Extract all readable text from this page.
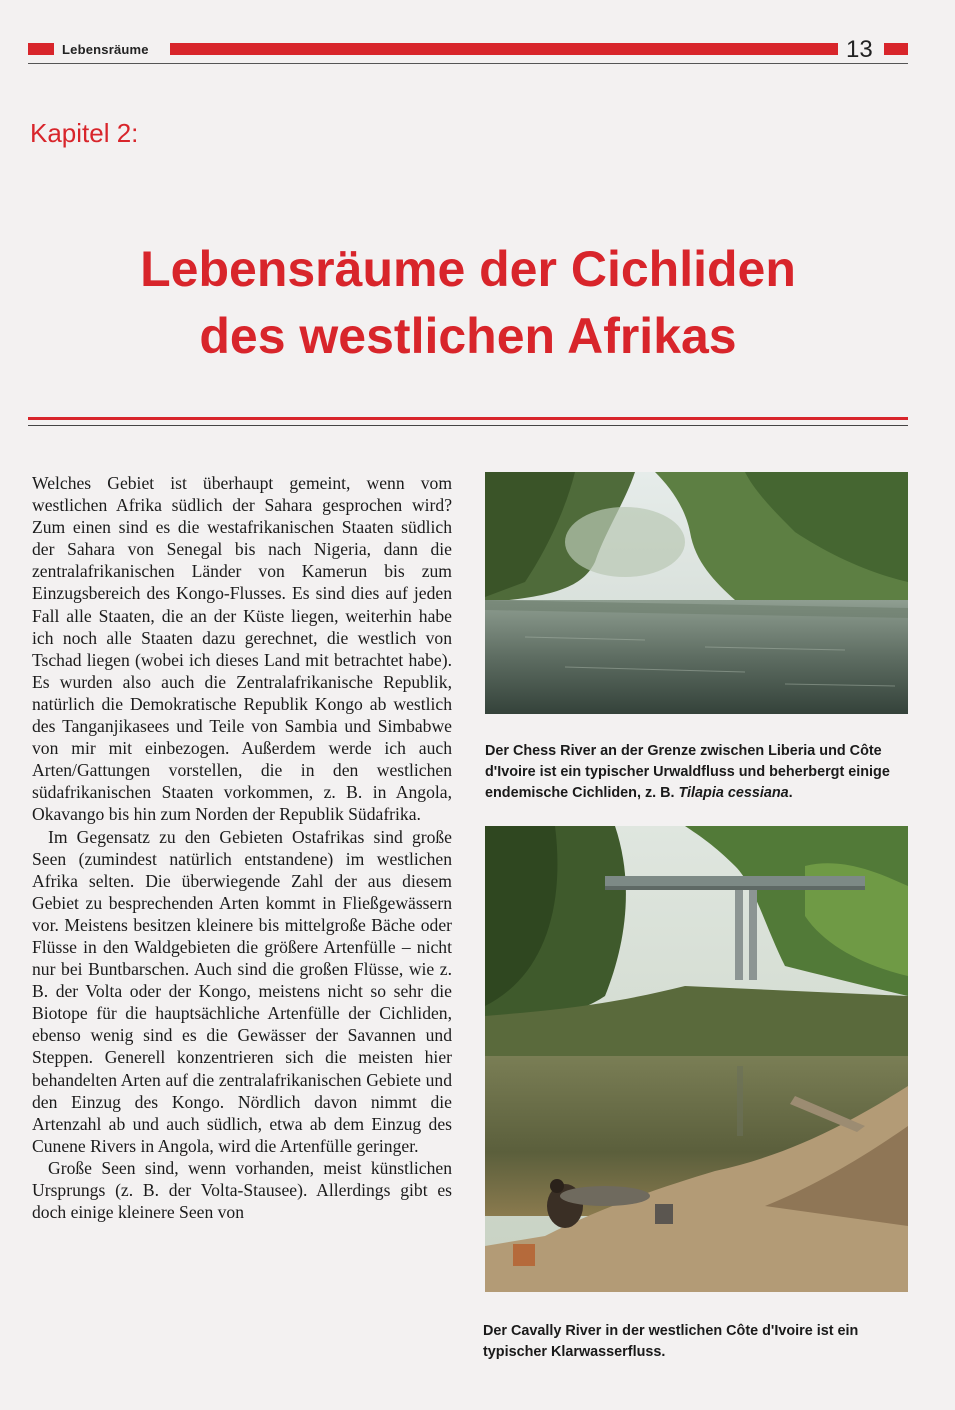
Lebensräume	13
Kapitel 2:
Lebensräume der Cichliden
des westlichen Afrikas

Welches Gebiet ist überhaupt gemeint, wenn vom westlichen Afrika südlich der Sahara gesprochen wird? Zum einen sind es die westafrikanischen Staaten südlich der Sahara von Senegal bis nach Nigeria, dann die zentralafrikanischen Länder von Kamerun bis zum Einzugsbereich des Kongo-Flusses. Es sind dies auf jeden Fall alle Staaten, die an der Küste liegen, weiterhin habe ich noch alle Staaten dazu gerechnet, die westlich von Tschad liegen (wobei ich dieses Land mit betrachtet habe). Es wurden also auch die Zentralafrikanische Republik, natürlich die Demokratische Republik Kongo ab westlich des Tanganjikasees und Teile von Sambia und Simbabwe von mir mit einbezogen. Außerdem werde ich auch Arten/Gattungen vorstellen, die in den westlichen südafrikanischen Staaten vorkommen, z. B. in Angola, Okavango bis hin zum Norden der Republik Südafrika.

Im Gegensatz zu den Gebieten Ostafrikas sind große Seen (zumindest natürlich entstandene) im westlichen Afrika selten. Die überwiegende Zahl der aus diesem Gebiet zu besprechenden Arten kommt in Fließgewässern vor. Meistens besitzen kleinere bis mittelgroße Bäche oder Flüsse in den Waldgebieten die größere Artenfülle – nicht nur bei Buntbarschen. Auch sind die großen Flüsse, wie z. B. der Volta oder der Kongo, meistens nicht so sehr die Biotope für die hauptsächliche Artenfülle der Cichliden, ebenso wenig sind es die Gewässer der Savannen und Steppen. Generell konzentrieren sich die meisten hier behandelten Arten auf die zentralafrikanischen Gebiete und den Einzug des Kongo. Nördlich davon nimmt die Artenzahl ab und auch südlich, etwa ab dem Einzug des Cunene Rivers in Angola, wird die Artenfülle geringer.

Große Seen sind, wenn vorhanden, meist künstlichen Ursprungs (z. B. der Volta-Stausee). Allerdings gibt es doch einige kleinere Seen von

Der Chess River an der Grenze zwischen Liberia und Côte d'Ivoire ist ein typischer Urwaldfluss und beherbergt einige endemische Cichliden, z. B. Tilapia cessiana.
Der Cavally River in der westlichen Côte d'Ivoire ist ein typischer Klarwasserfluss.
